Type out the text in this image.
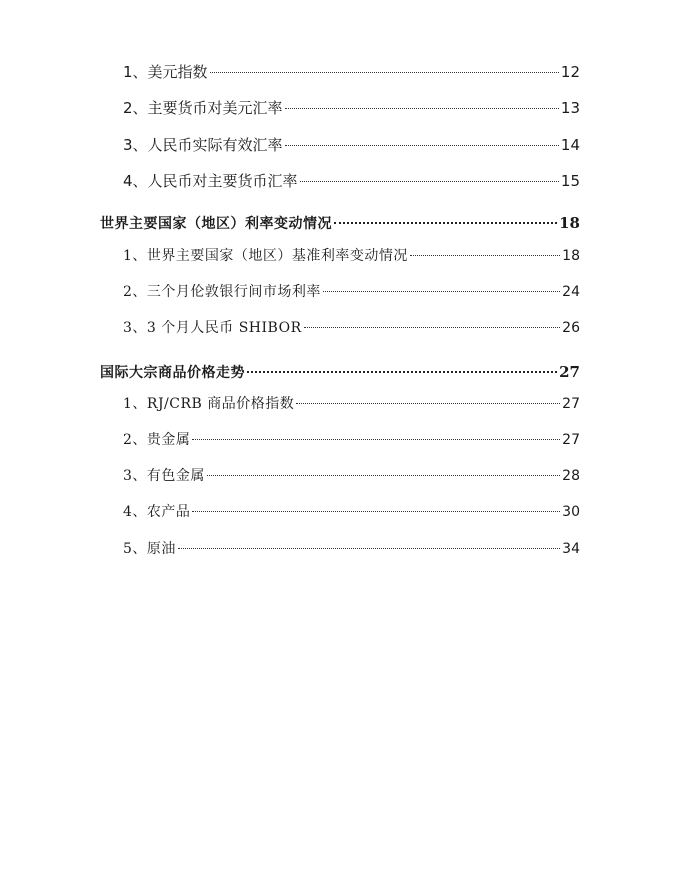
1、美元指数	12
2、主要货币对美元汇率	13
3、人民币实际有效汇率	14
4、人民币对主要货币汇率	15
世界主要国家（地区）利率变动情况	18
1、世界主要国家（地区）基准利率变动情况	18
2、三个月伦敦银行间市场利率	24
3、3 个月人民币 SHIBOR	26
国际大宗商品价格走势	27
1、RJ/CRB 商品价格指数	27
2、贵金属	27
3、有色金属	28
4、农产品	30
5、原油	34
